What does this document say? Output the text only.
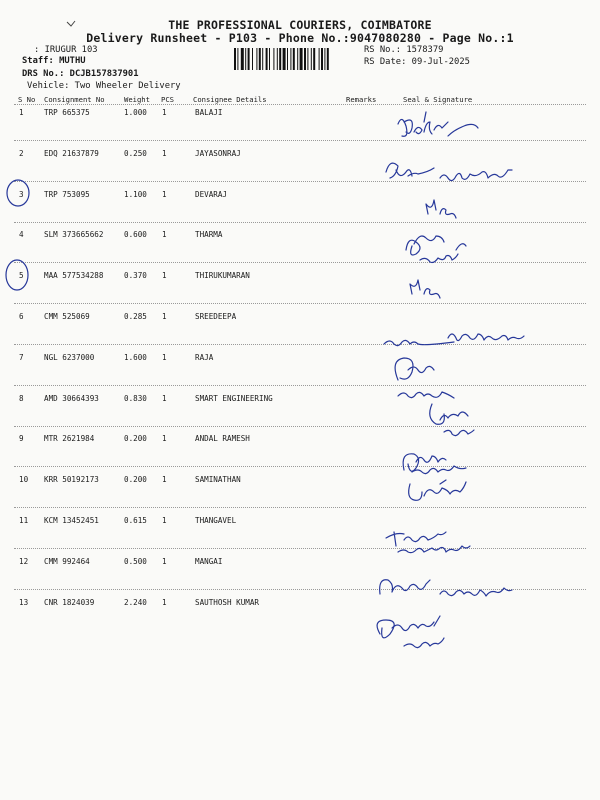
THE PROFESSIONAL COURIERS, COIMBATORE
Delivery Runsheet - P103 - Phone No.:9047080280 - Page No.:1
: IRUGUR 103
Staff: MUTHU
DRS No.: DCJB157837901
Vehicle: Two Wheeler Delivery
RS No.: 1578379
RS Date: 09-Jul-2025
S No Consignment No	Weight PCS	Consignee Details	Remarks	Seal & Signature
1	TRP 665375	1.000 1	BALAJI
2	EDQ 21637879	0.250 1	JAYASONRAJ
3	TRP 753095	1.100 1	DEVARAJ
4	SLM 373665662	0.600 1	THARMA
5	MAA 577534288	0.370 1	THIRUKUMARAN
6	CMM 525069	0.285 1	SREEDEEPA
7	NGL 6237000	1.600 1	RAJA
8	AMD 30664393	0.830 1	SMART ENGINEERING
9	MTR 2621984	0.200 1	ANDAL RAMESH
10 KRR 50192173	0.200 1	SAMINATHAN
11 KCM 13452451	0.615 1	THANGAVEL
12 CMM 992464	0.500 1	MANGAI
13 CNR 1824039	2.240 1	SAUTHOSH KUMAR
